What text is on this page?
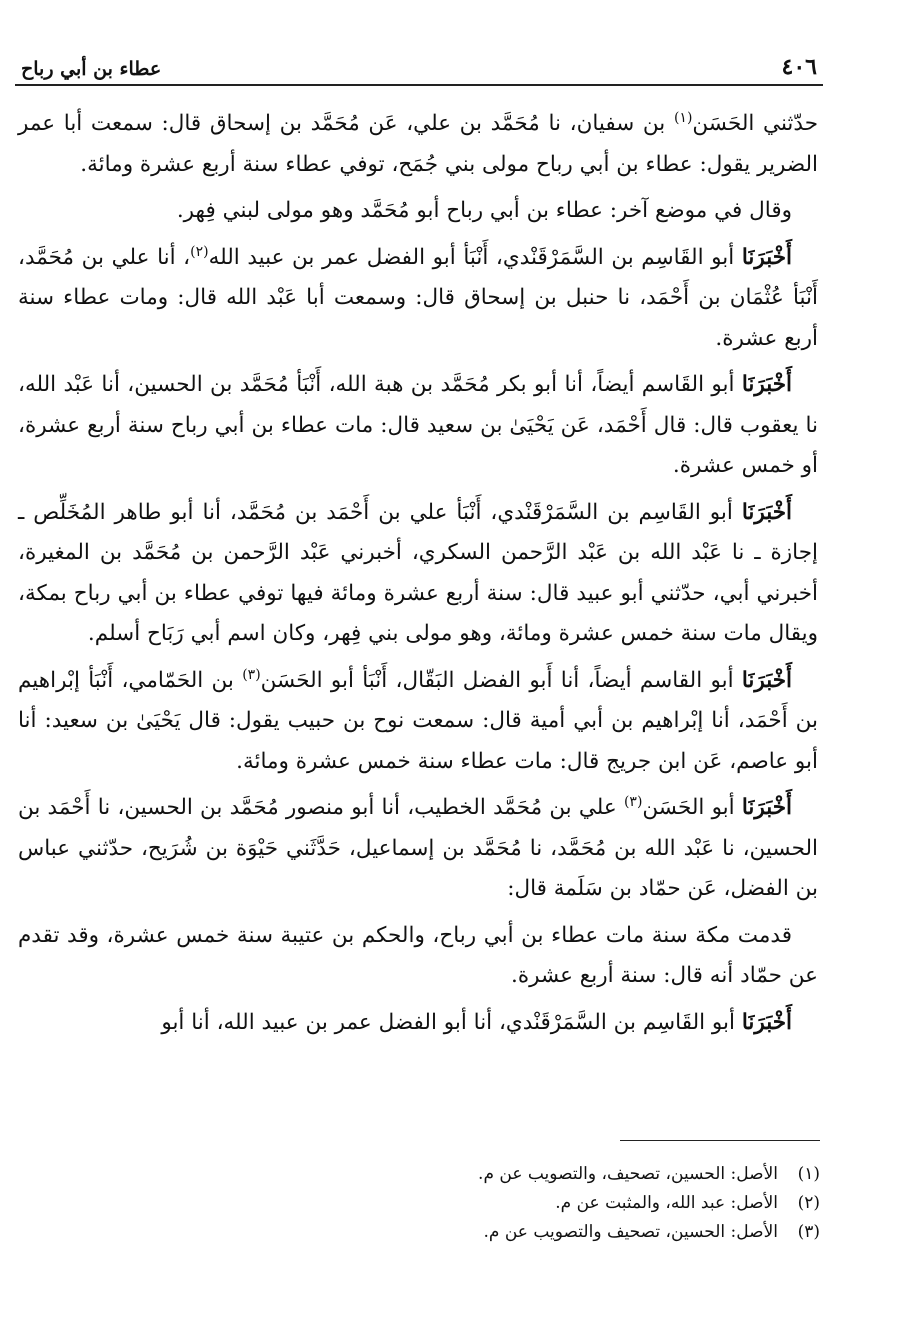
٤٠٦
عطاء بن أبي رباح

حدّثني الحَسَن$^{(١)}$ بن سفيان، نا مُحَمَّد بن علي، عَن مُحَمَّد بن إسحاق قال: سمعت أبا عمر الضرير يقول: عطاء بن أبي رباح مولى بني جُمَح، توفي عطاء سنة أربع عشرة ومائة.

وقال في موضع آخر: عطاء بن أبي رباح أبو مُحَمَّد وهو مولى لبني فِهر.

أَخْبَرَنَا أبو القَاسِم بن السَّمَرْقَنْدي، أَنْبَأ أبو الفضل عمر بن عبيد الله$^{(٢)}$، أنا علي بن مُحَمَّد، أَنْبَأ عُثْمَان بن أَحْمَد، نا حنبل بن إسحاق قال: وسمعت أبا عَبْد الله قال: ومات عطاء سنة أربع عشرة.

أَخْبَرَنَا أبو القَاسم أيضاً، أنا أبو بكر مُحَمَّد بن هبة الله، أَنْبَأ مُحَمَّد بن الحسين، أنا عَبْد الله، نا يعقوب قال: قال أَحْمَد، عَن يَحْيَىٰ بن سعيد قال: مات عطاء بن أبي رباح سنة أربع عشرة، أو خمس عشرة.

أَخْبَرَنَا أبو القَاسِم بن السَّمَرْقَنْدي، أَنْبَأ علي بن أَحْمَد بن مُحَمَّد، أنا أبو طاهر المُخَلِّص ـ إجازة ـ نا عَبْد الله بن عَبْد الرَّحمن السكري، أخبرني عَبْد الرَّحمن بن مُحَمَّد بن المغيرة، أخبرني أبي، حدّثني أبو عبيد قال: سنة أربع عشرة ومائة فيها توفي عطاء بن أبي رباح بمكة، ويقال مات سنة خمس عشرة ومائة، وهو مولى بني فِهر، وكان اسم أبي رَبَاح أسلم.

أَخْبَرَنَا أبو القاسم أيضاً، أنا أَبو الفضل البَقّال، أَنْبَأ أبو الحَسَن$^{(٣)}$ بن الحَمّامي، أَنْبَأ إبْراهيم بن أَحْمَد، أنا إبْراهيم بن أبي أمية قال: سمعت نوح بن حبيب يقول: قال يَحْيَىٰ بن سعيد: أنا أبو عاصم، عَن ابن جريج قال: مات عطاء سنة خمس عشرة ومائة.

أَخْبَرَنَا أبو الحَسَن$^{(٣)}$ علي بن مُحَمَّد الخطيب، أنا أبو منصور مُحَمَّد بن الحسين، نا أَحْمَد بن الحسين، نا عَبْد الله بن مُحَمَّد، نا مُحَمَّد بن إسماعيل، حَدَّثَني حَيْوَة بن شُرَيح، حدّثني عباس بن الفضل، عَن حمّاد بن سَلَمة قال:

قدمت مكة سنة مات عطاء بن أبي رباح، والحكم بن عتيبة سنة خمس عشرة، وقد تقدم عن حمّاد أنه قال: سنة أربع عشرة.

أَخْبَرَنَا أبو القَاسِم بن السَّمَرْقَنْدي، أنا أبو الفضل عمر بن عبيد الله، أنا أبو

(١)
الأصل: الحسين، تصحيف، والتصويب عن م.
(٢)
الأصل: عبد الله، والمثبت عن م.
(٣)
الأصل: الحسين، تصحيف والتصويب عن م.
